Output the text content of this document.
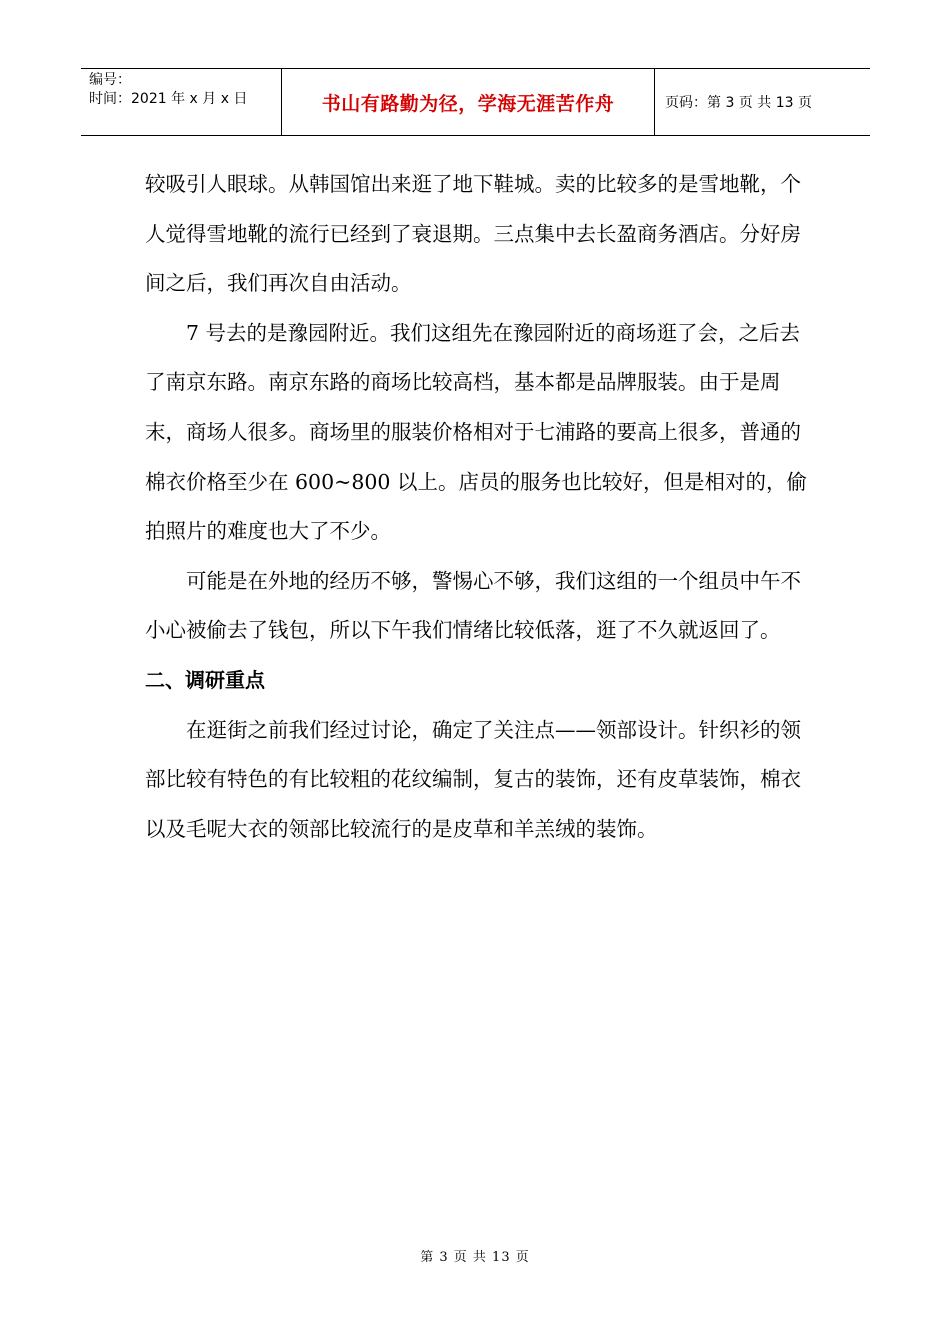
编号：
时间：2021 年 x 月 x 日	书山有路勤为径，学海无涯苦作舟	页码：第 3 页 共 13 页

较吸引人眼球。从韩国馆出来逛了地下鞋城。卖的比较多的是雪地靴，个人觉得雪地靴的流行已经到了衰退期。三点集中去长盈商务酒店。分好房间之后，我们再次自由活动。

7 号去的是豫园附近。我们这组先在豫园附近的商场逛了会，之后去了南京东路。南京东路的商场比较高档，基本都是品牌服装。由于是周末，商场人很多。商场里的服装价格相对于七浦路的要高上很多，普通的棉衣价格至少在 600~800 以上。店员的服务也比较好，但是相对的，偷拍照片的难度也大了不少。

可能是在外地的经历不够，警惕心不够，我们这组的一个组员中午不小心被偷去了钱包，所以下午我们情绪比较低落，逛了不久就返回了。

二、调研重点

在逛街之前我们经过讨论，确定了关注点——领部设计。针织衫的领部比较有特色的有比较粗的花纹编制，复古的装饰，还有皮草装饰，棉衣以及毛呢大衣的领部比较流行的是皮草和羊羔绒的装饰。

第 3 页 共 13 页
